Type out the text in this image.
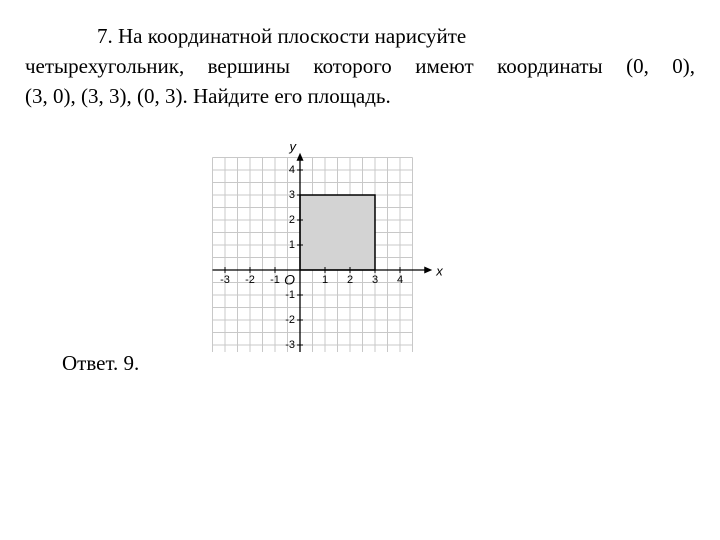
7. На координатной плоскости нарисуйте
четырехугольник, вершины которого имеют координаты (0, 0),
(3, 0), (3, 3), (0, 3). Найдите его площадь.
-3 -2 -1	1 2 3 4
4
3
2
1
-1
-2
-3
x
y
O
Ответ. 9.
